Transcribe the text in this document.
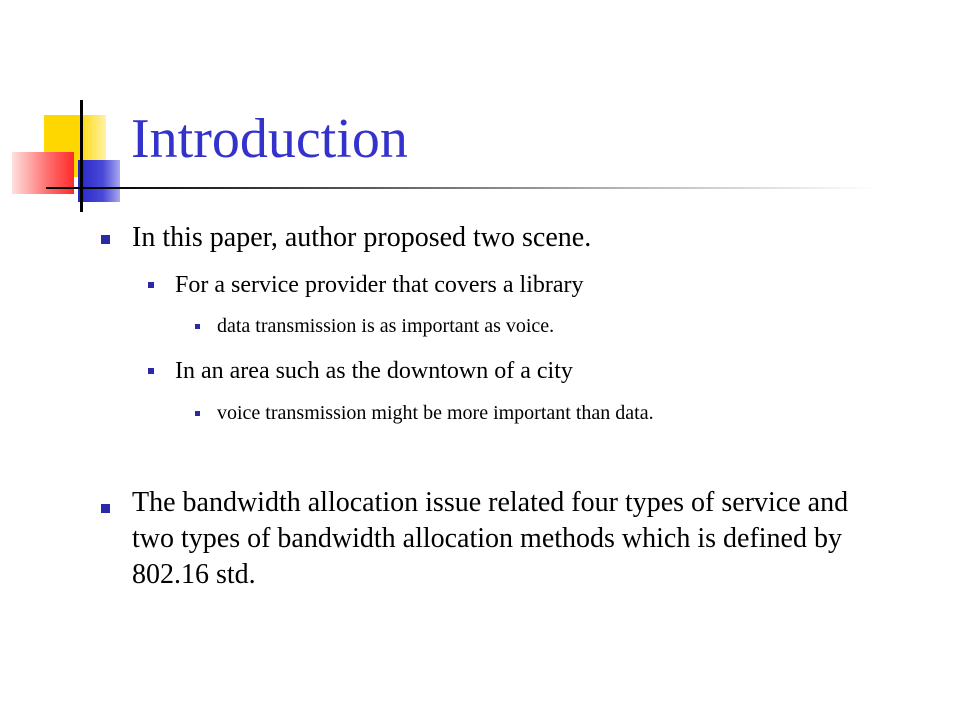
Introduction
In this paper, author proposed two scene.
For a service provider that covers a library
data transmission is as important as voice.
In an area such as the downtown of a city
voice transmission might be more important than data.
The bandwidth allocation issue related four types of service and two types of bandwidth allocation methods which is defined by 802.16 std.
